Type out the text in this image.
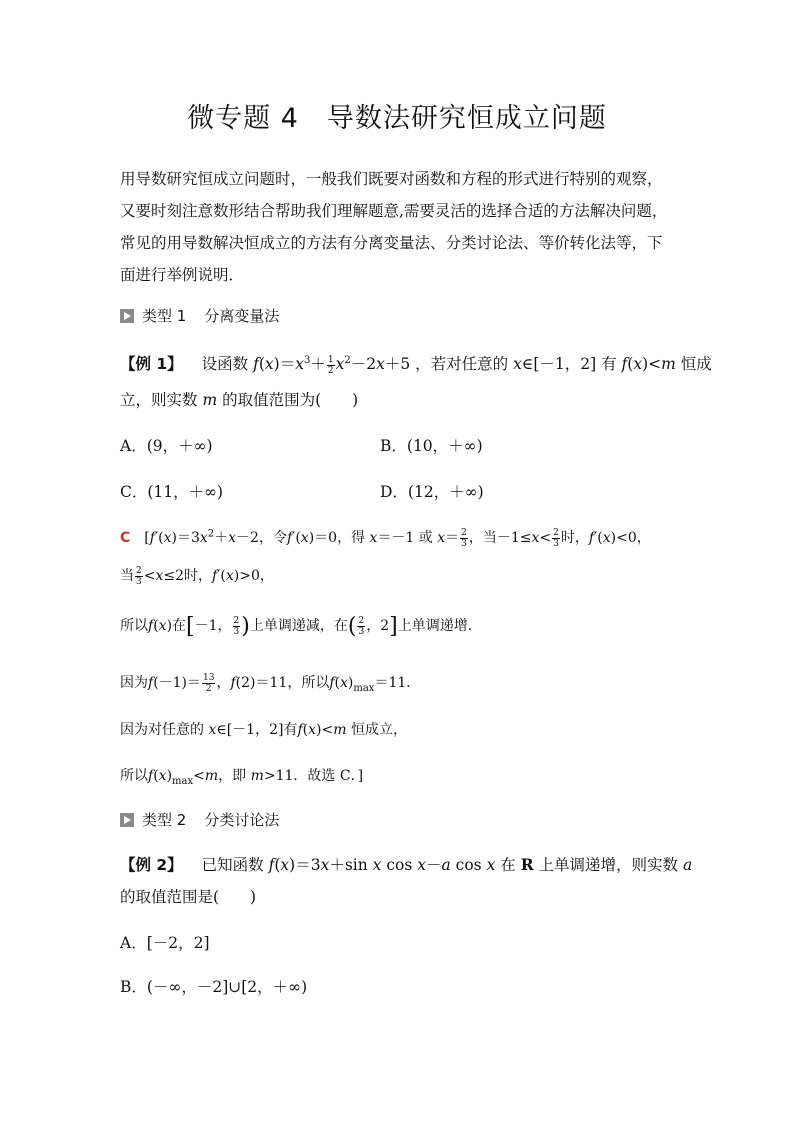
微专题 4 导数法研究恒成立问题

用导数研究恒成立问题时，一般我们既要对函数和方程的形式进行特别的观察，

又要时刻注意数形结合帮助我们理解题意,需要灵活的选择合适的方法解决问题，

常见的用导数解决恒成立的方法有分离变量法、分类讨论法、等价转化法等，下

面进行举例说明．

类型 1 分离变量法
【例 1】 设函数 $f(x)=x^3+ \frac{1}{2} x^2-2x+5$ ，若对任意的 x∈[－1，2] 有 f(x)<m 恒成
立，则实数 m 的取值范围为(　　)
A．(9，＋∞)	B．(10，＋∞)
C．(11，＋∞)	D．(12，＋∞)
C [$f'(x)=3x^2+x-2$，令f′(x)＝0，得 x＝－1 或 $x= \frac{2}{3}$ ，当$-1\le x< \frac{2}{3}$ 时，f′(x)<0，
当 $\frac{2}{3} <x\le 2$时，f′(x)>0，
所以f(x)在[－1， $\frac{2}{3}$ )上单调递减，在( $\frac{2}{3}$ ，2]上单调递增．
因为$f(-1)= \frac{13}{2}$ ，f(2)＝11，所以$f(x)_{max}=11$．
因为对任意的 x∈[－1，2]有f(x)<m 恒成立，
所以$f(x)_{max}<m$，即 m>11．故选 C．]
类型 2 分类讨论法
【例 2】 已知函数 f(x)＝3x＋sin x cos x－a cos x 在 R 上单调递增，则实数 a
的取值范围是(　　)
A．[－2，2]
B．(－∞，－2]∪[2，＋∞)
